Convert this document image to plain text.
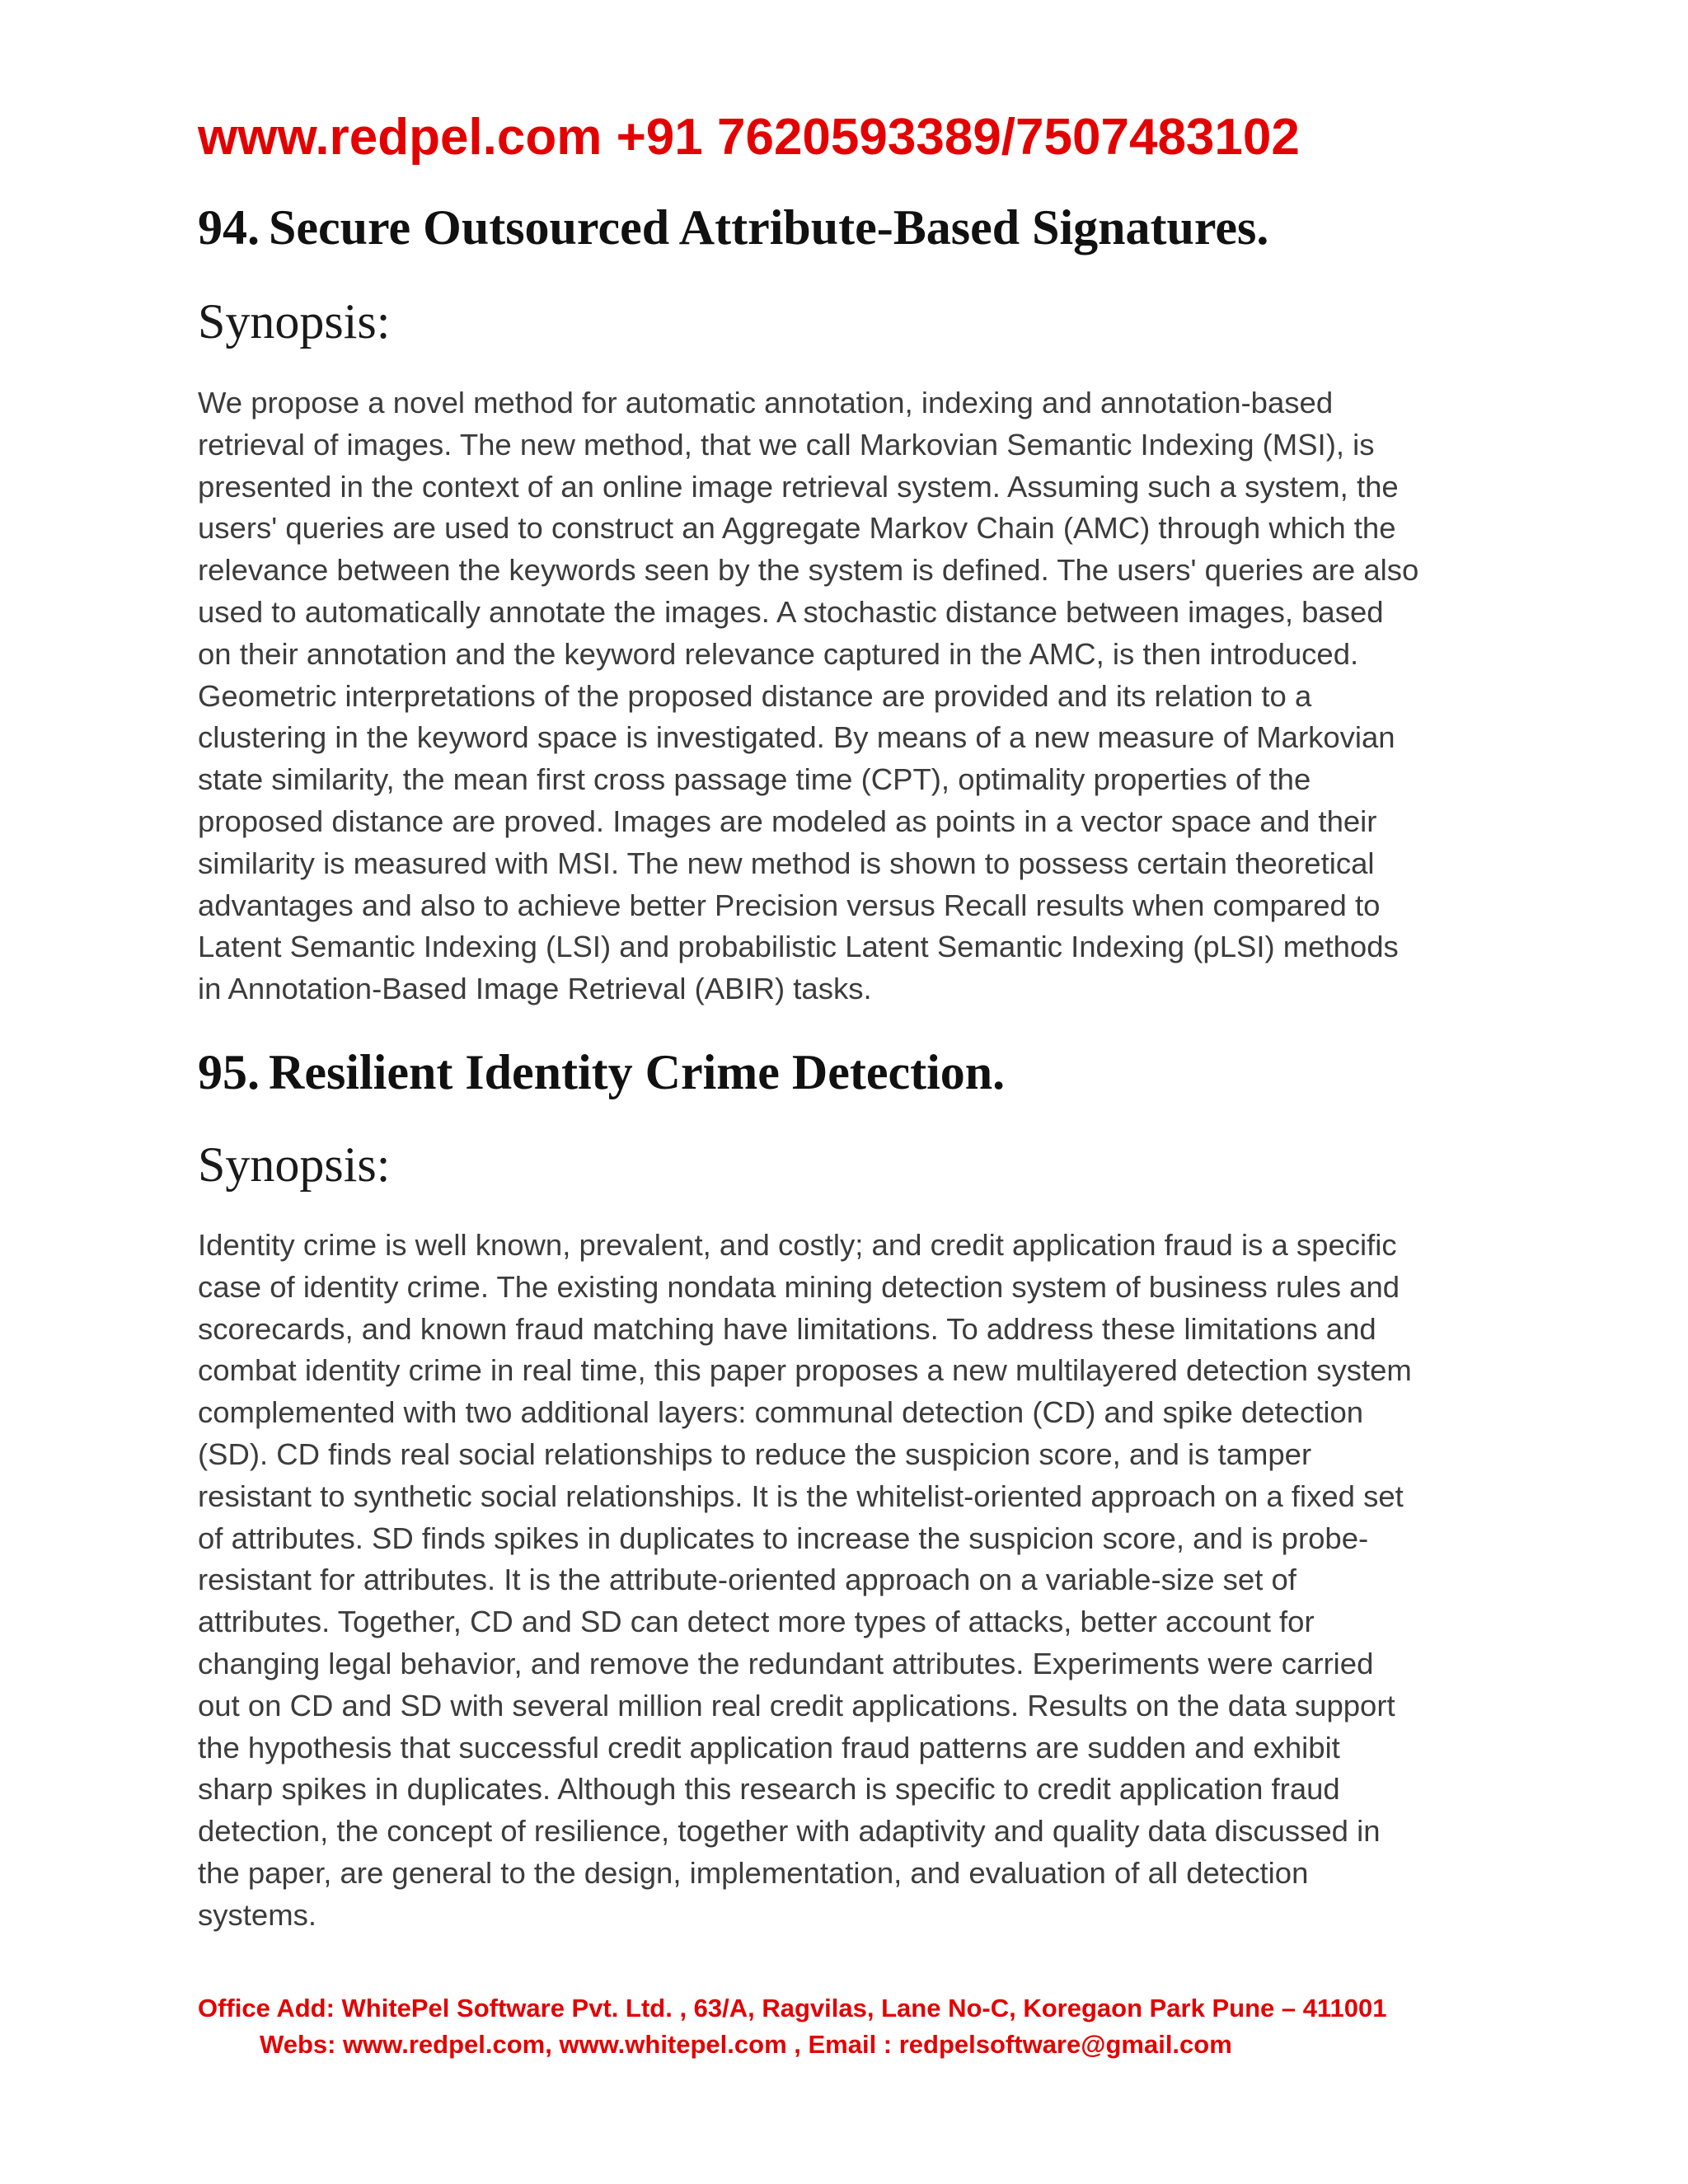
www.redpel.com +91 7620593389/7507483102
94. Secure Outsourced Attribute-Based Signatures.
Synopsis:
We propose a novel method for automatic annotation, indexing and annotation-based
retrieval of images. The new method, that we call Markovian Semantic Indexing (MSI), is
presented in the context of an online image retrieval system. Assuming such a system, the
users' queries are used to construct an Aggregate Markov Chain (AMC) through which the
relevance between the keywords seen by the system is defined. The users' queries are also
used to automatically annotate the images. A stochastic distance between images, based
on their annotation and the keyword relevance captured in the AMC, is then introduced.
Geometric interpretations of the proposed distance are provided and its relation to a
clustering in the keyword space is investigated. By means of a new measure of Markovian
state similarity, the mean first cross passage time (CPT), optimality properties of the
proposed distance are proved. Images are modeled as points in a vector space and their
similarity is measured with MSI. The new method is shown to possess certain theoretical
advantages and also to achieve better Precision versus Recall results when compared to
Latent Semantic Indexing (LSI) and probabilistic Latent Semantic Indexing (pLSI) methods
in Annotation-Based Image Retrieval (ABIR) tasks.
95. Resilient Identity Crime Detection.
Synopsis:
Identity crime is well known, prevalent, and costly; and credit application fraud is a specific
case of identity crime. The existing nondata mining detection system of business rules and
scorecards, and known fraud matching have limitations. To address these limitations and
combat identity crime in real time, this paper proposes a new multilayered detection system
complemented with two additional layers: communal detection (CD) and spike detection
(SD). CD finds real social relationships to reduce the suspicion score, and is tamper
resistant to synthetic social relationships. It is the whitelist-oriented approach on a fixed set
of attributes. SD finds spikes in duplicates to increase the suspicion score, and is probe-
resistant for attributes. It is the attribute-oriented approach on a variable-size set of
attributes. Together, CD and SD can detect more types of attacks, better account for
changing legal behavior, and remove the redundant attributes. Experiments were carried
out on CD and SD with several million real credit applications. Results on the data support
the hypothesis that successful credit application fraud patterns are sudden and exhibit
sharp spikes in duplicates. Although this research is specific to credit application fraud
detection, the concept of resilience, together with adaptivity and quality data discussed in
the paper, are general to the design, implementation, and evaluation of all detection
systems.
Office Add: WhitePel Software Pvt. Ltd. , 63/A, Ragvilas, Lane No-C, Koregaon Park Pune – 411001
Webs: www.redpel.com, www.whitepel.com , Email : redpelsoftware@gmail.com
